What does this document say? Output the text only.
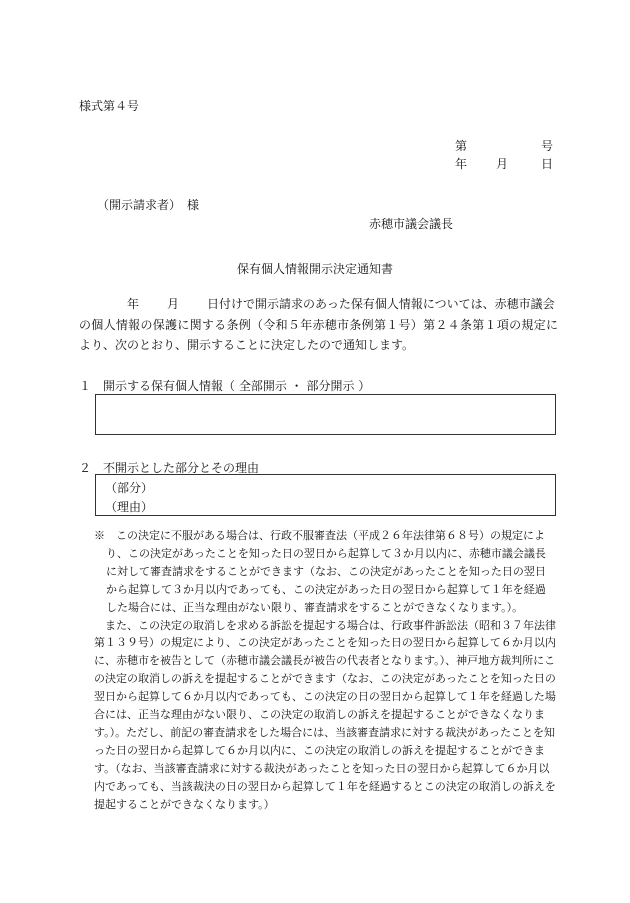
様式第４号
第	号
年 月	日
（開示請求者）　様
赤穂市議会議長
保有個人情報開示決定通知書
年 月 日付けで開示請求のあった保有個人情報については、赤穂市議会
の個人情報の保護に関する条例（令和５年赤穂市条例第１号）第２４条第１項の規定により、次のとおり、開示することに決定したので通知します。
１　開示する保有個人情報（ 全部開示 ・ 部分開示 ）
２　不開示とした部分とその理由
（部分）
（理由）

※　この決定に不服がある場合は、行政不服審査法（平成２６年法律第６８号）の規定により、この決定があったことを知った日の翌日から起算して３か月以内に、赤穂市議会議長に対して審査請求をすることができます（なお、この決定があったことを知った日の翌日から起算して３か月以内であっても、この決定があった日の翌日から起算して１年を経過した場合には、正当な理由がない限り、審査請求をすることができなくなります。）。

また、この決定の取消しを求める訴訟を提起する場合は、行政事件訴訟法（昭和３７年法律第１３９号）の規定により、この決定があったことを知った日の翌日から起算して６か月以内に、赤穂市を被告として（赤穂市議会議長が被告の代表者となります。）、神戸地方裁判所にこの決定の取消しの訴えを提起することができます（なお、この決定があったことを知った日の翌日から起算して６か月以内であっても、この決定の日の翌日から起算して１年を経過した場合には、正当な理由がない限り、この決定の取消しの訴えを提起することができなくなります。）。ただし、前記の審査請求をした場合には、当該審査請求に対する裁決があったことを知った日の翌日から起算して６か月以内に、この決定の取消しの訴えを提起することができます。（なお、当該審査請求に対する裁決があったことを知った日の翌日から起算して６か月以内であっても、当該裁決の日の翌日から起算して１年を経過するとこの決定の取消しの訴えを提起することができなくなります。）
